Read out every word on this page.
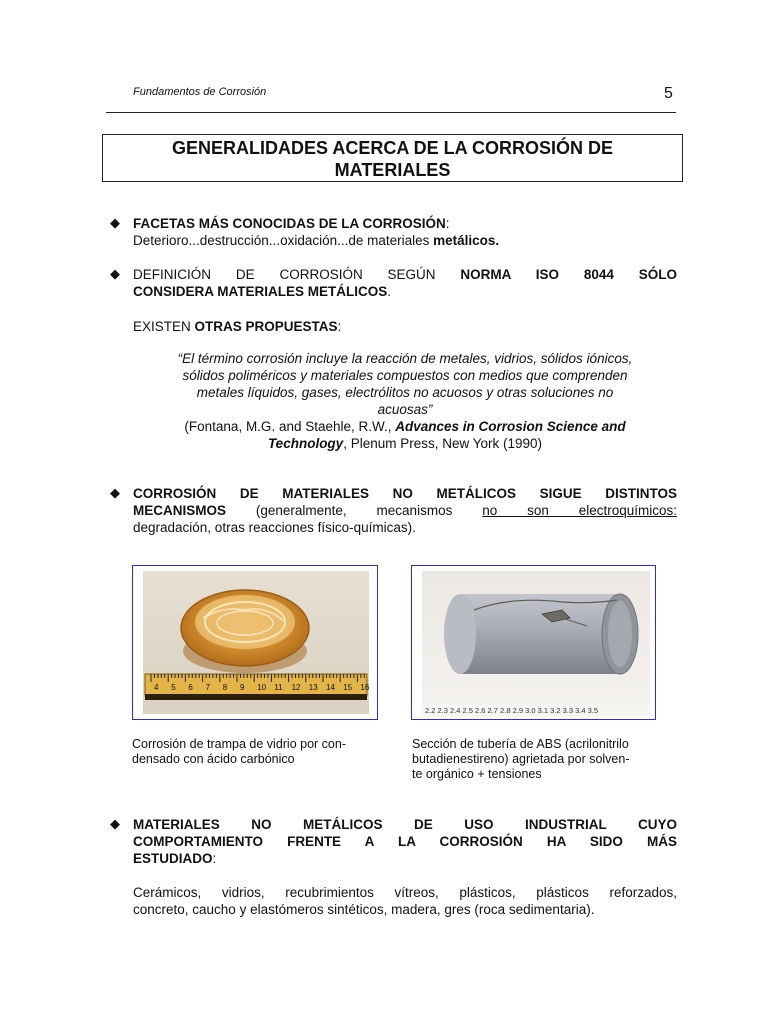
Fundamentos de Corrosión	5
GENERALIDADES ACERCA DE LA CORROSIÓN DE
MATERIALES
◆ FACETAS MÁS CONOCIDAS DE LA CORROSIÓN:
Deterioro...destrucción...oxidación...de materiales metálicos.
◆ DEFINICIÓN DE CORROSIÓN SEGÚN NORMA ISO 8044 SÓLO
CONSIDERA MATERIALES METÁLICOS.
EXISTEN OTRAS PROPUESTAS:
“El término corrosión incluye la reacción de metales, vidrios, sólidos iónicos,
sólidos poliméricos y materiales compuestos con medios que comprenden
metales líquidos, gases, electrólitos no acuosos y otras soluciones no
acuosas”
(Fontana, M.G. and Staehle, R.W., Advances in Corrosion Science and
Technology, Plenum Press, New York (1990)
◆ CORROSIÓN DE MATERIALES NO METÁLICOS SIGUE DISTINTOS
MECANISMOS (generalmente, mecanismos no son electroquímicos:
degradación, otras reacciones físico-químicas).
4 5 6 7 8 9 10 11 12 13 14 15 16
Corrosión de trampa de vidrio por con-
densado con ácido carbónico
2.2 2.3 2.4 2.5 2.6 2.7 2.8 2.9 3.0 3.1 3.2 3.3 3.4 3.5
Sección de tubería de ABS (acrilonitrilo
butadienestireno) agrietada por solven-
te orgánico + tensiones
◆ MATERIALES NO METÁLICOS DE USO INDUSTRIAL CUYO
COMPORTAMIENTO FRENTE A LA CORROSIÓN HA SIDO MÁS
ESTUDIADO:
Cerámicos, vidrios, recubrimientos vítreos, plásticos, plásticos reforzados,
concreto, caucho y elastómeros sintéticos, madera, gres (roca sedimentaria).
